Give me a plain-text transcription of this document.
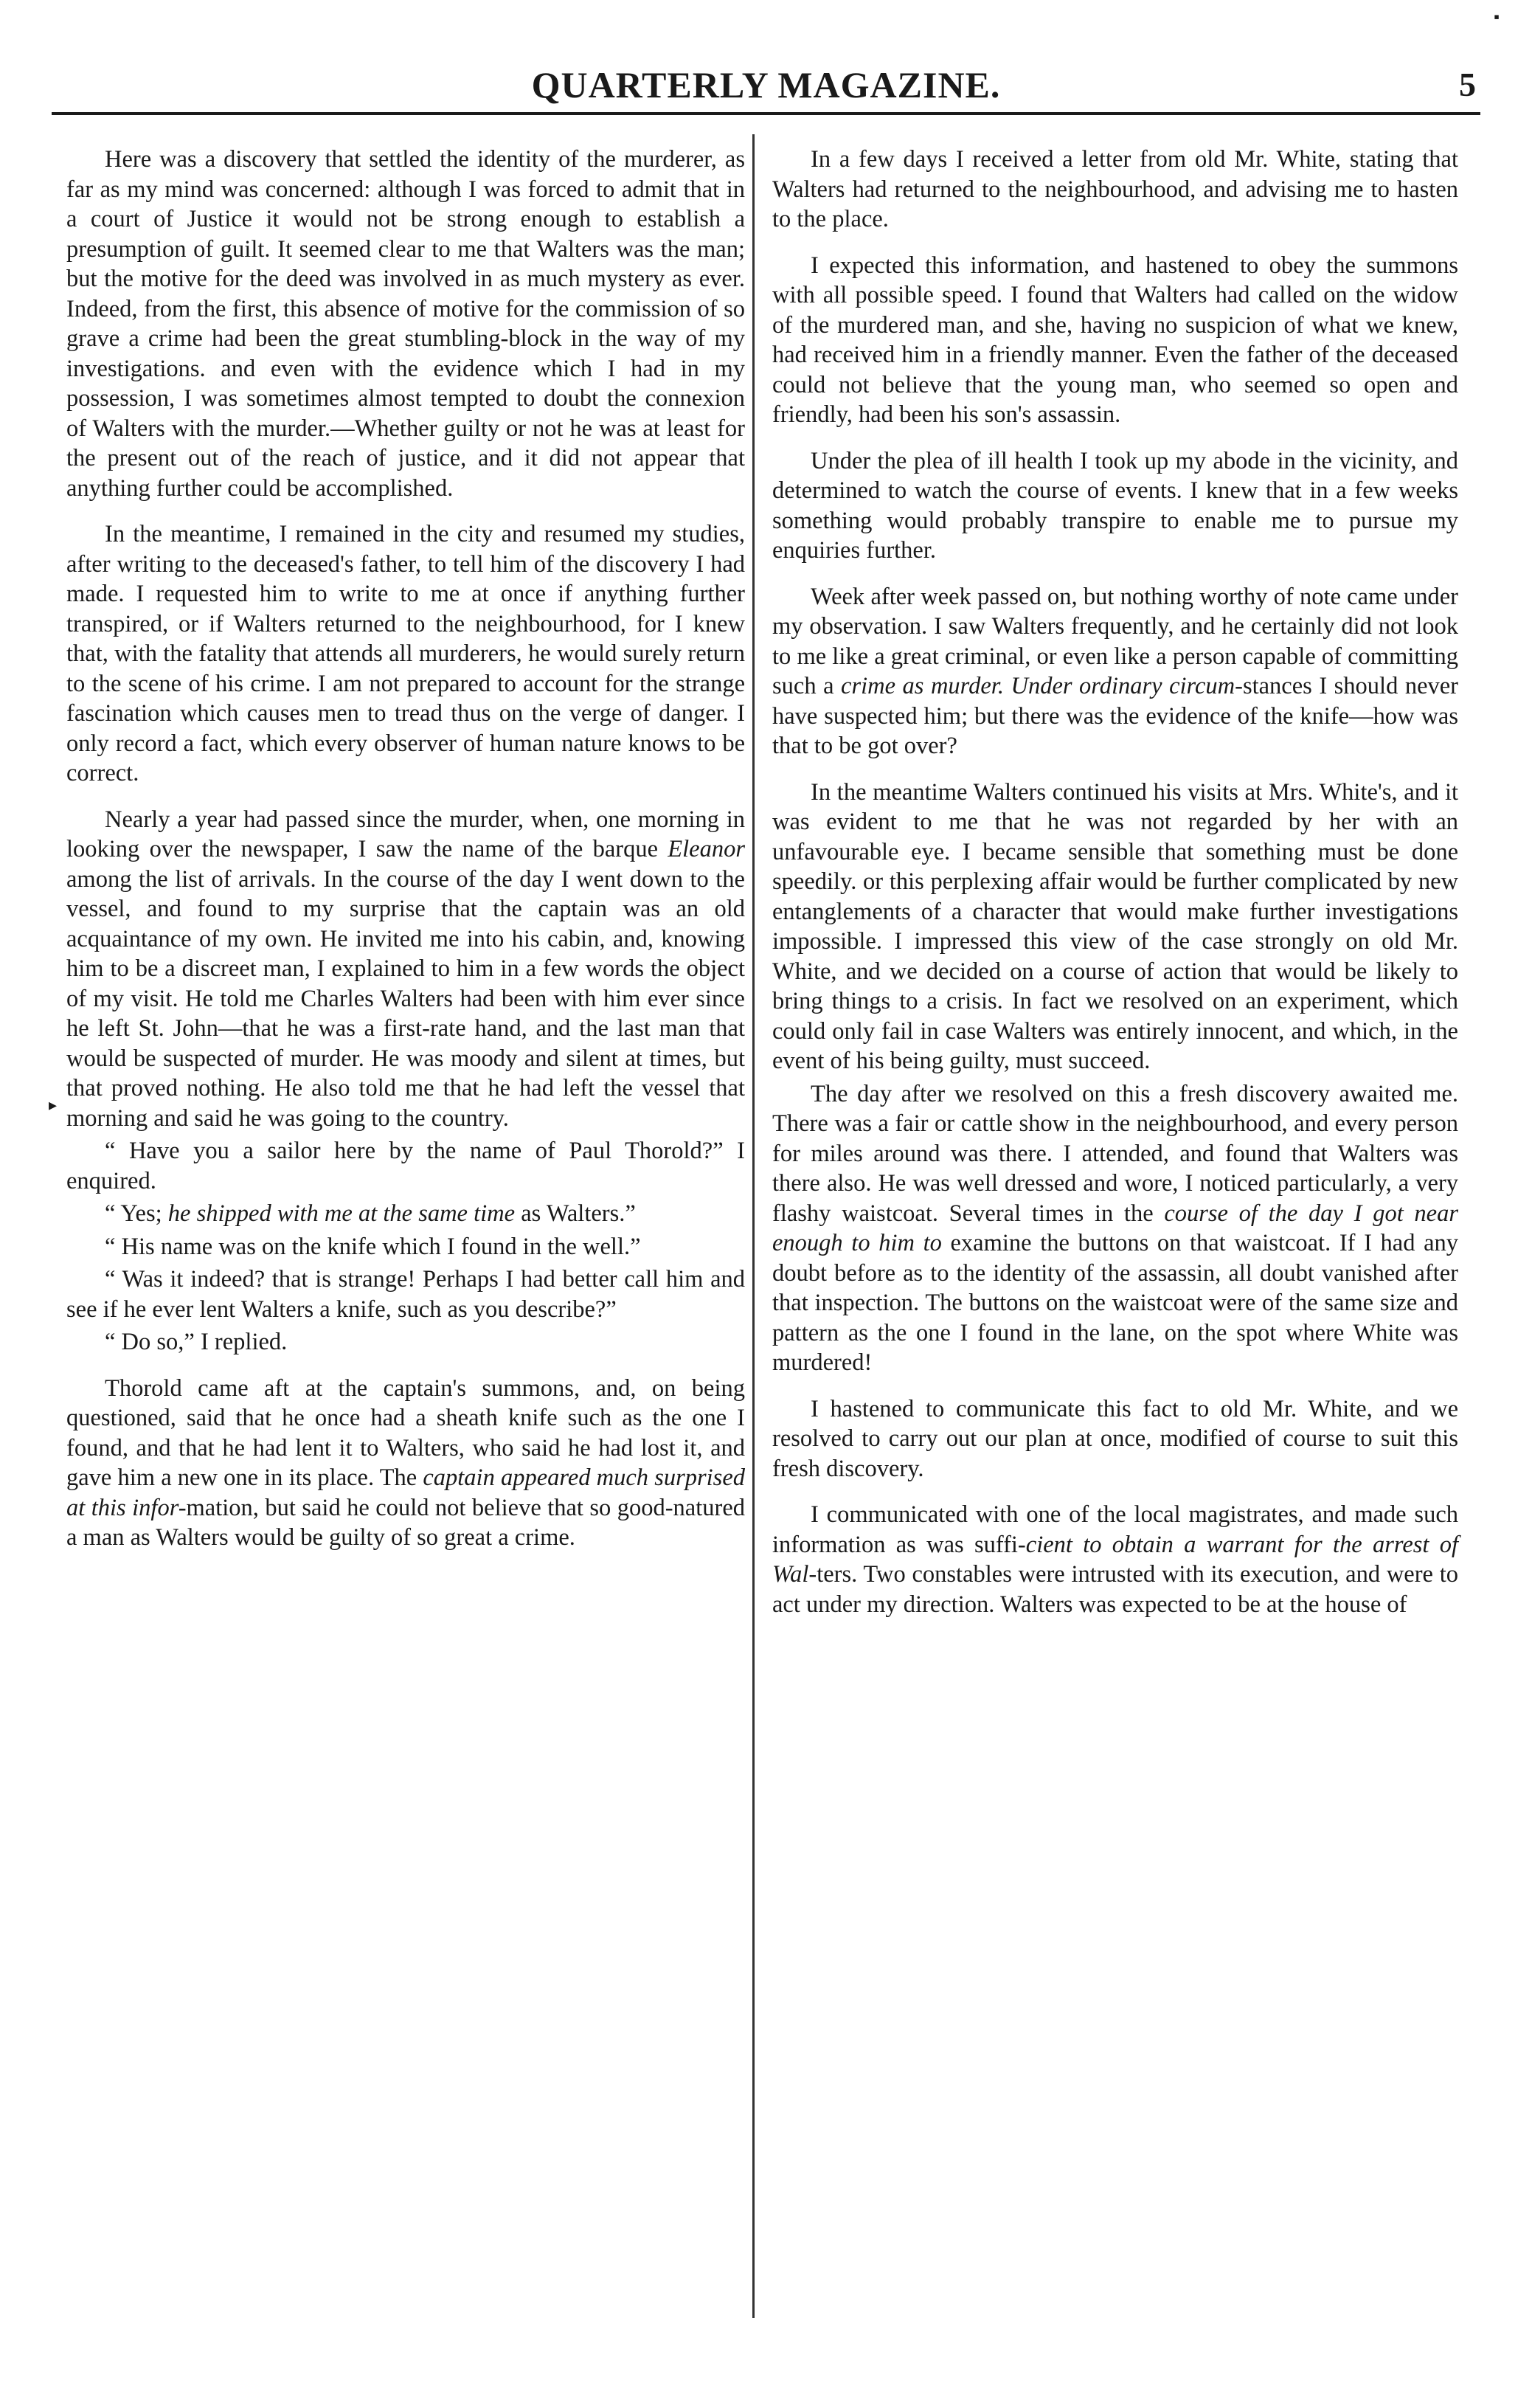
▪
QUARTERLY MAGAZINE.	5
▸

Here was a discovery that settled the identity of the murderer, as far as my mind was concerned: although I was forced to admit that in a court of Justice it would not be strong enough to establish a presumption of guilt. It seemed clear to me that Walters was the man; but the motive for the deed was involved in as much mystery as ever. Indeed, from the first, this absence of motive for the commission of so grave a crime had been the great stumbling-block in the way of my investigations. and even with the evidence which I had in my possession, I was sometimes almost tempted to doubt the connexion of Walters with the murder.—Whether guilty or not he was at least for the present out of the reach of justice, and it did not appear that anything further could be accomplished.

In the meantime, I remained in the city and resumed my studies, after writing to the deceased's father, to tell him of the discovery I had made. I requested him to write to me at once if anything further transpired, or if Walters returned to the neighbourhood, for I knew that, with the fatality that attends all murderers, he would surely return to the scene of his crime. I am not prepared to account for the strange fascination which causes men to tread thus on the verge of danger. I only record a fact, which every observer of human nature knows to be correct.

Nearly a year had passed since the murder, when, one morning in looking over the newspaper, I saw the name of the barque Eleanor among the list of arrivals. In the course of the day I went down to the vessel, and found to my surprise that the captain was an old acquaintance of my own. He invited me into his cabin, and, knowing him to be a discreet man, I explained to him in a few words the object of my visit. He told me Charles Walters had been with him ever since he left St. John—that he was a first-rate hand, and the last man that would be suspected of murder. He was moody and silent at times, but that proved nothing. He also told me that he had left the vessel that morning and said he was going to the country.

“ Have you a sailor here by the name of Paul Thorold?” I enquired.

“ Yes; he shipped with me at the same time as Walters.”

“ His name was on the knife which I found in the well.”

“ Was it indeed? that is strange! Perhaps I had better call him and see if he ever lent Walters a knife, such as you describe?”

“ Do so,” I replied.

Thorold came aft at the captain's summons, and, on being questioned, said that he once had a sheath knife such as the one I found, and that he had lent it to Walters, who said he had lost it, and gave him a new one in its place. The captain appeared much surprised at this infor-mation, but said he could not believe that so good-natured a man as Walters would be guilty of so great a crime.

In a few days I received a letter from old Mr. White, stating that Walters had returned to the neighbourhood, and advising me to hasten to the place.

I expected this information, and hastened to obey the summons with all possible speed. I found that Walters had called on the widow of the murdered man, and she, having no suspicion of what we knew, had received him in a friendly manner. Even the father of the deceased could not believe that the young man, who seemed so open and friendly, had been his son's assassin.

Under the plea of ill health I took up my abode in the vicinity, and determined to watch the course of events. I knew that in a few weeks something would probably transpire to enable me to pursue my enquiries further.

Week after week passed on, but nothing worthy of note came under my observation. I saw Walters frequently, and he certainly did not look to me like a great criminal, or even like a person capable of committing such a crime as murder. Under ordinary circum-stances I should never have suspected him; but there was the evidence of the knife—how was that to be got over?

In the meantime Walters continued his visits at Mrs. White's, and it was evident to me that he was not regarded by her with an unfavourable eye. I became sensible that something must be done speedily. or this perplexing affair would be further complicated by new entanglements of a character that would make further investigations impossible. I impressed this view of the case strongly on old Mr. White, and we decided on a course of action that would be likely to bring things to a crisis. In fact we resolved on an experiment, which could only fail in case Walters was entirely innocent, and which, in the event of his being guilty, must succeed.

The day after we resolved on this a fresh discovery awaited me. There was a fair or cattle show in the neighbourhood, and every person for miles around was there. I attended, and found that Walters was there also. He was well dressed and wore, I noticed particularly, a very flashy waistcoat. Several times in the course of the day I got near enough to him to examine the buttons on that waistcoat. If I had any doubt before as to the identity of the assassin, all doubt vanished after that inspection. The buttons on the waistcoat were of the same size and pattern as the one I found in the lane, on the spot where White was murdered!

I hastened to communicate this fact to old Mr. White, and we resolved to carry out our plan at once, modified of course to suit this fresh discovery.

I communicated with one of the local magistrates, and made such information as was suffi-cient to obtain a warrant for the arrest of Wal-ters. Two constables were intrusted with its execution, and were to act under my direction. Walters was expected to be at the house of
